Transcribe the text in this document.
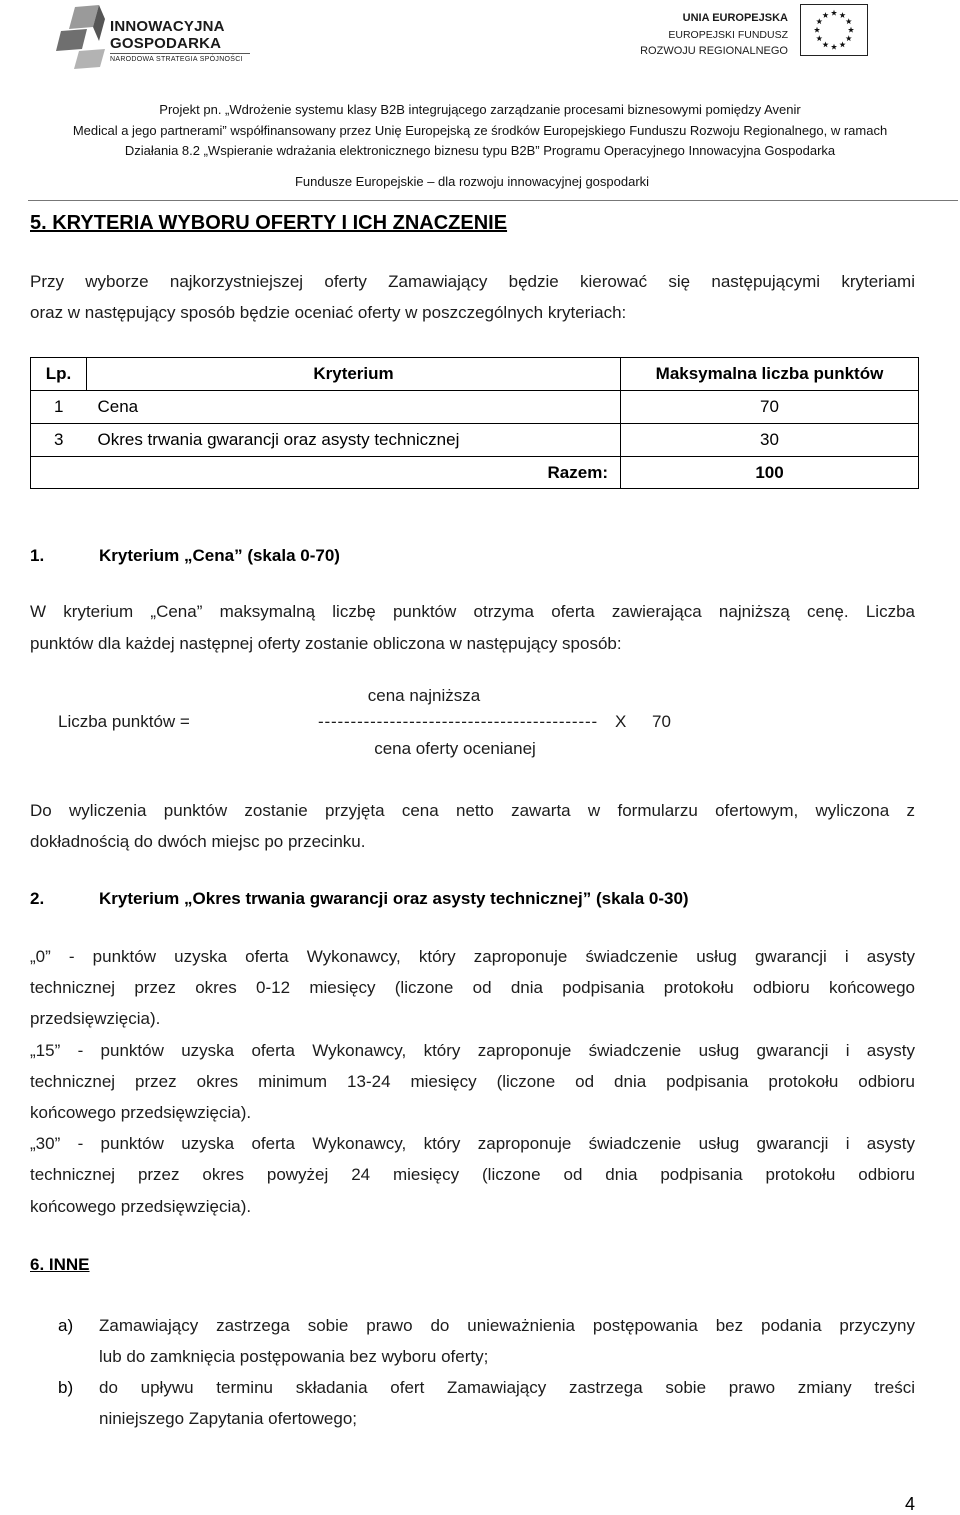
INNOWACYJNA
GOSPODARKA
NARODOWA STRATEGIA SPÓJNOŚCI
UNIA EUROPEJSKA
EUROPEJSKI FUNDUSZ
ROZWOJU REGIONALNEGO
Projekt pn. „Wdrożenie systemu klasy B2B integrującego zarządzanie procesami biznesowymi pomiędzy Avenir
Medical a jego partnerami” współfinansowany przez Unię Europejską ze środków Europejskiego Funduszu Rozwoju Regionalnego, w ramach
Działania 8.2 „Wspieranie wdrażania elektronicznego biznesu typu B2B” Programu Operacyjnego Innowacyjna Gospodarka
Fundusze Europejskie – dla rozwoju innowacyjnej gospodarki
5. KRYTERIA WYBORU OFERTY I ICH ZNACZENIE
Przy wyborze najkorzystniejszej oferty Zamawiający będzie kierować się następującymi kryteriami
oraz w następujący sposób będzie oceniać oferty w poszczególnych kryteriach:
Lp.	Kryterium	Maksymalna liczba punktów
1	Cena	70
3	Okres trwania gwarancji oraz asysty technicznej	30
Razem:		100
1.	Kryterium „Cena” (skala 0-70)
W kryterium „Cena” maksymalną liczbę punktów otrzyma oferta zawierająca najniższą cenę. Liczba
punktów dla każdej następnej oferty zostanie obliczona w następujący sposób:
cena najniższa
Liczba punktów =	------------------------------------------- X 70
cena oferty ocenianej
Do wyliczenia punktów zostanie przyjęta cena netto zawarta w formularzu ofertowym, wyliczona z
dokładnością do dwóch miejsc po przecinku.
2.	Kryterium „Okres trwania gwarancji oraz asysty technicznej” (skala 0-30)
„0” - punktów uzyska oferta Wykonawcy, który zaproponuje świadczenie usług gwarancji i asysty
technicznej przez okres 0-12 miesięcy (liczone od dnia podpisania protokołu odbioru końcowego
przedsięwzięcia).
„15” - punktów uzyska oferta Wykonawcy, który zaproponuje świadczenie usług gwarancji i asysty
technicznej przez okres minimum 13-24 miesięcy (liczone od dnia podpisania protokołu odbioru
końcowego przedsięwzięcia).
„30” - punktów uzyska oferta Wykonawcy, który zaproponuje świadczenie usług gwarancji i asysty
technicznej przez okres powyżej 24 miesięcy (liczone od dnia podpisania protokołu odbioru
końcowego przedsięwzięcia).
6. INNE
a) Zamawiający zastrzega sobie prawo do unieważnienia postępowania bez podania przyczyny
lub do zamknięcia postępowania bez wyboru oferty;
b) do upływu terminu składania ofert Zamawiający zastrzega sobie prawo zmiany treści
niniejszego Zapytania ofertowego;
4
